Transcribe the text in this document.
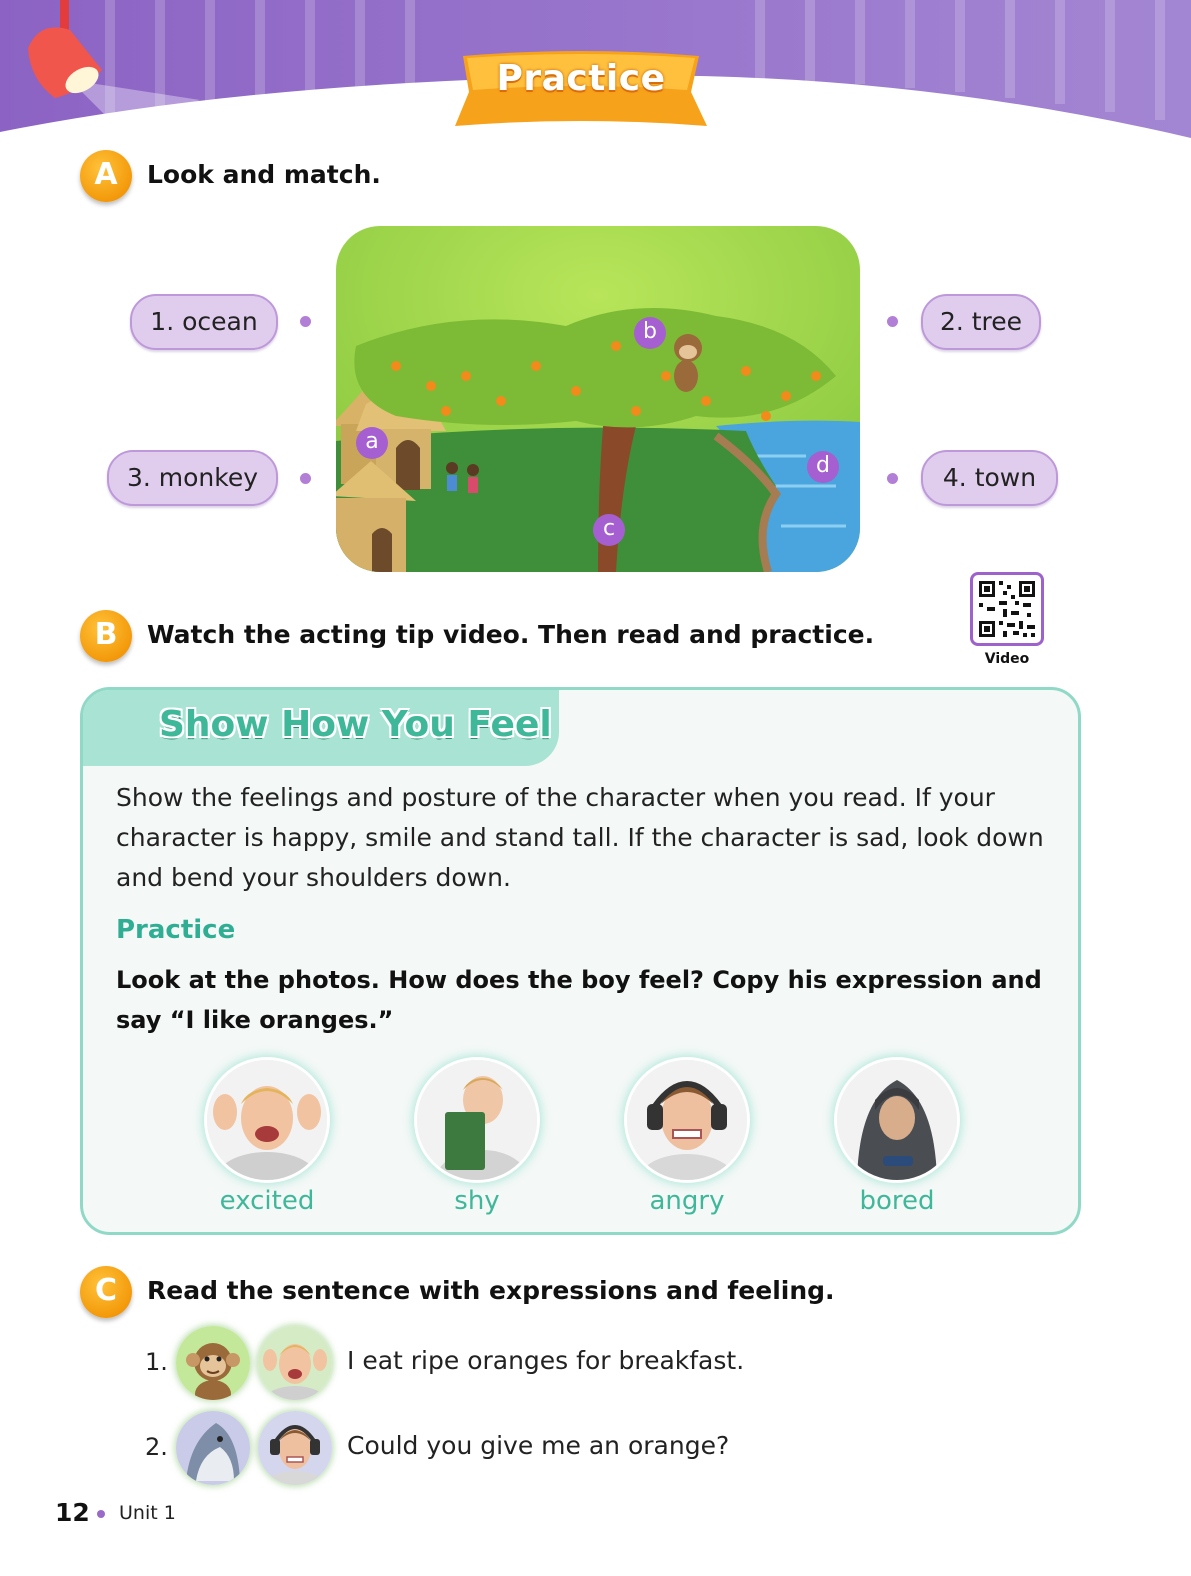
Practice
A	Look and match.
1. ocean	2. tree
3. monkey	4. town
a
b
c
d
B	Watch the acting tip video. Then read and practice.
Video
Show How You Feel
Show the feelings and posture of the character when you read. If your character is happy, smile and stand tall. If the character is sad, look down and bend your shoulders down.
Practice
Look at the photos. How does the boy feel? Copy his expression and say “I like oranges.”
excited	shy	angry	bored
C	Read the sentence with expressions and feeling.
1.	I eat ripe oranges for breakfast.
2.	Could you give me an orange?
12 Unit 1
